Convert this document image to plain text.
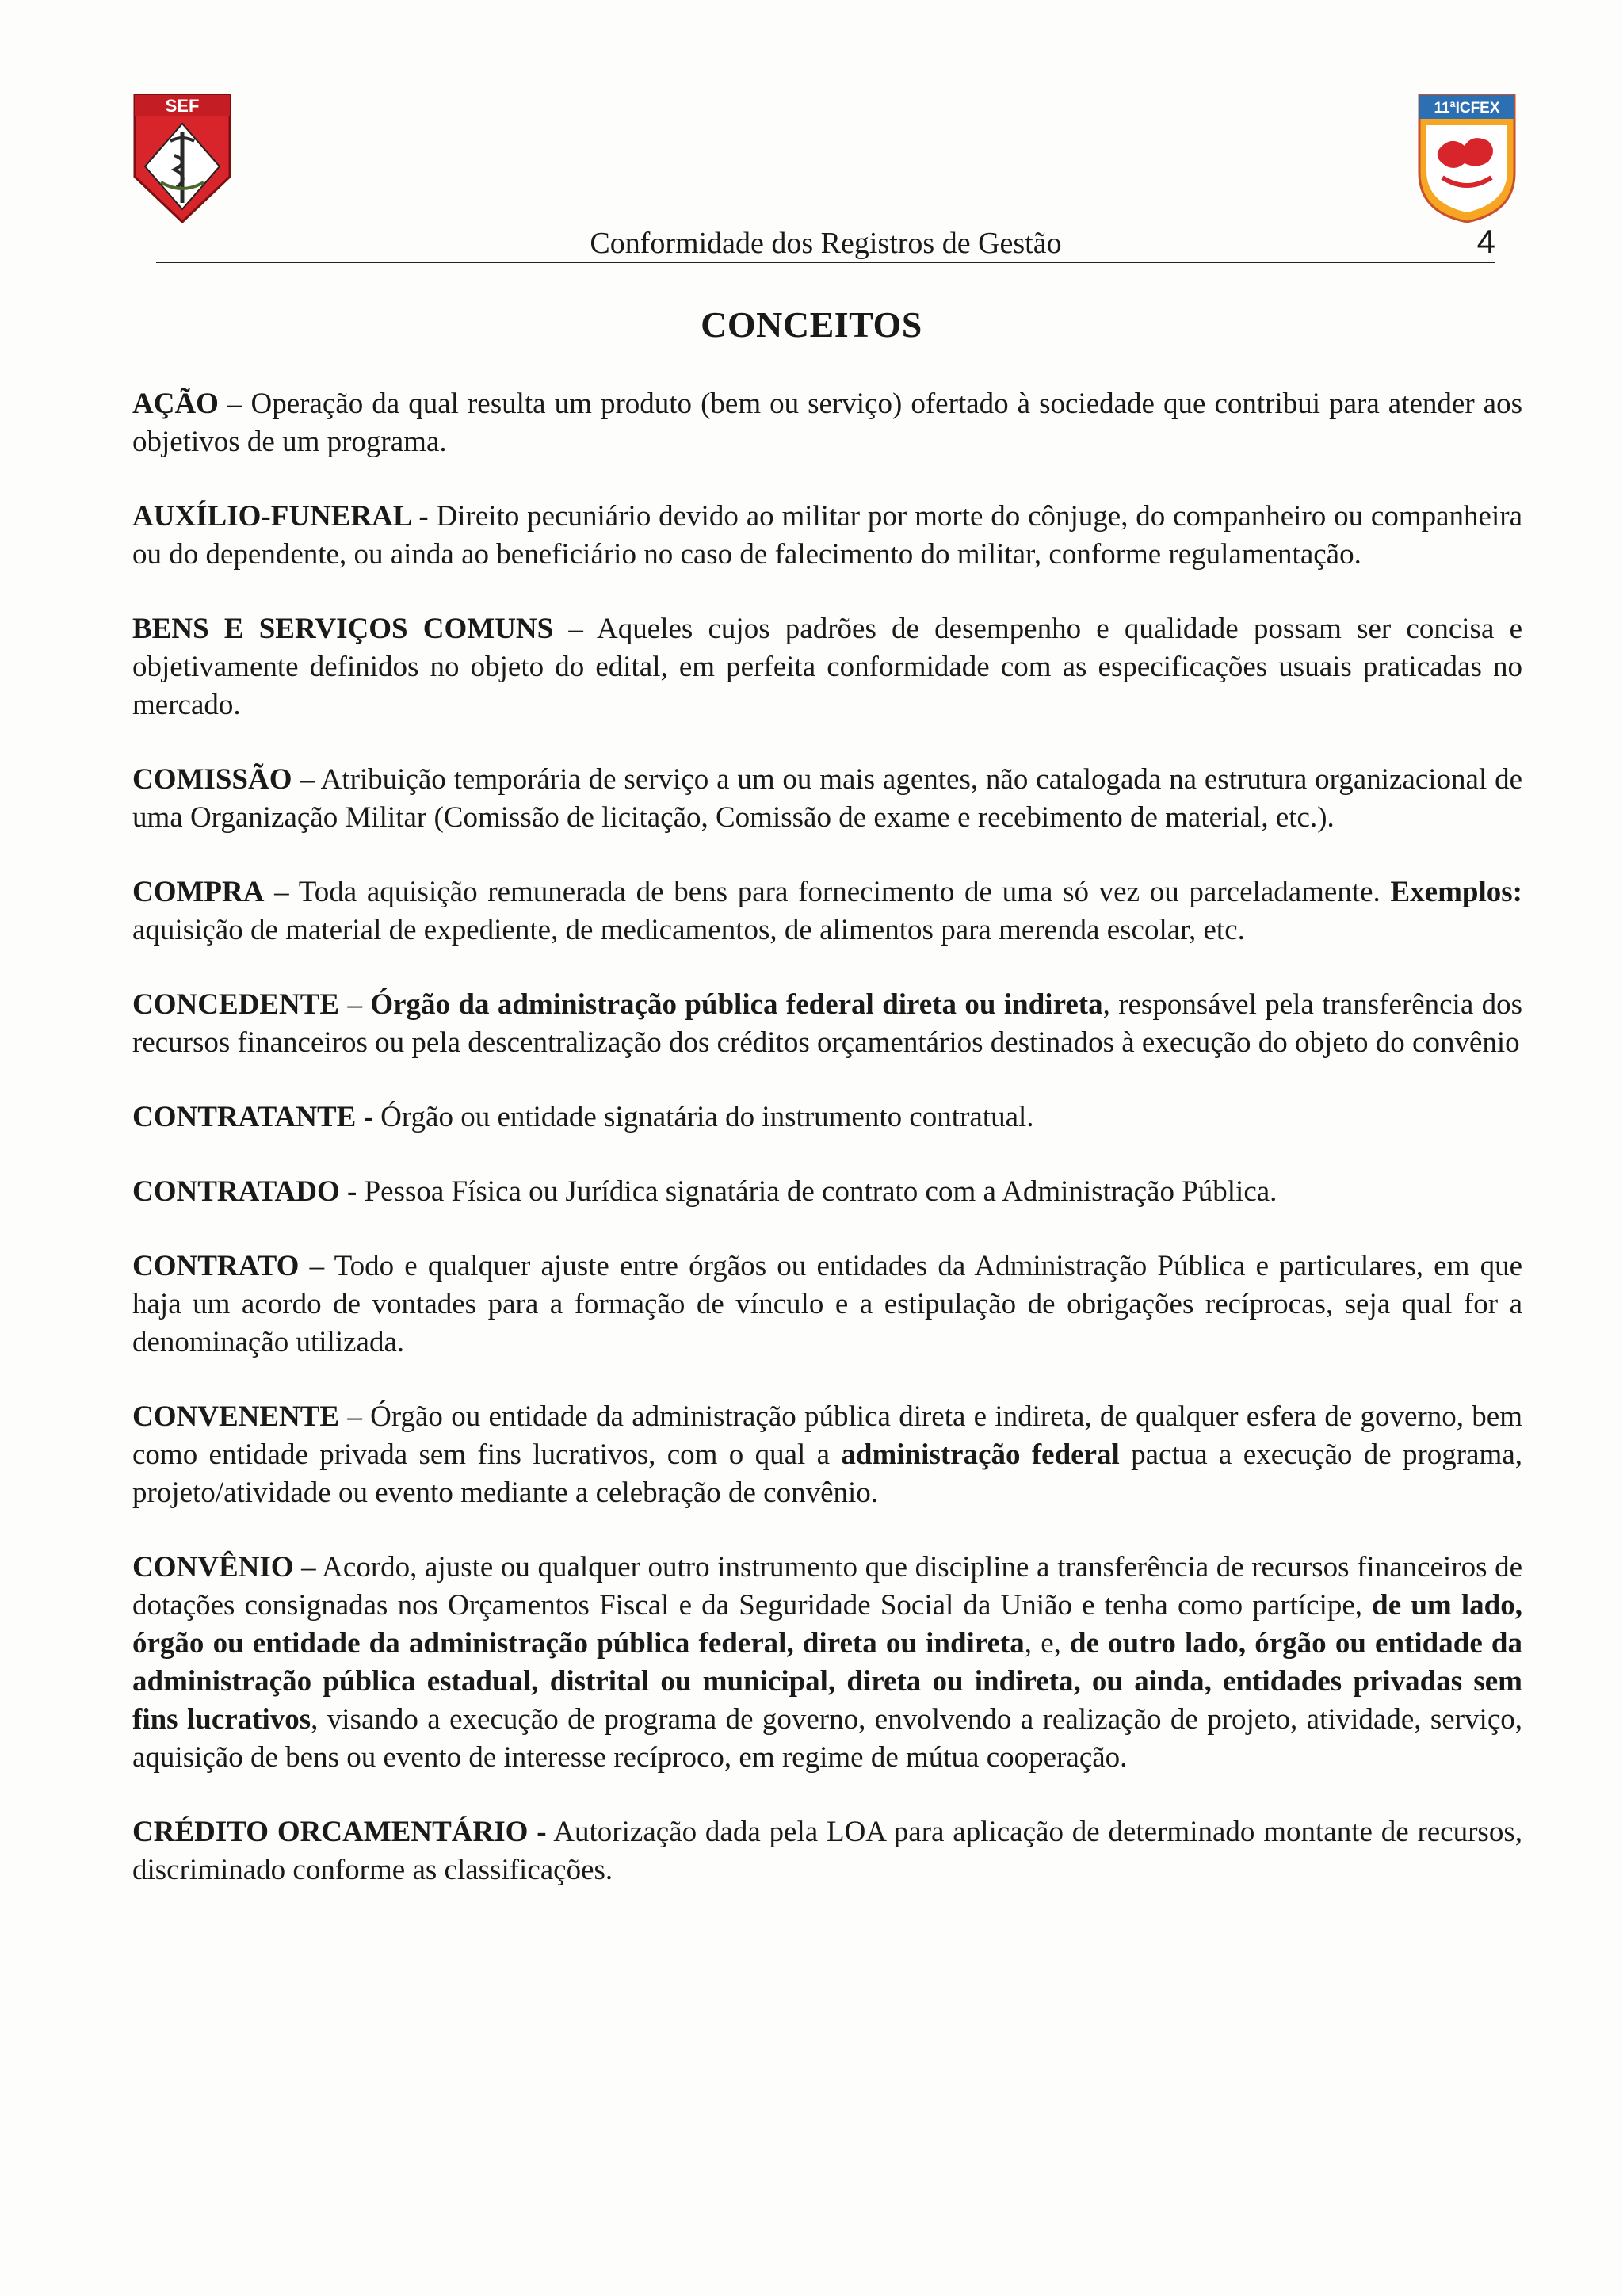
SEF	11ªICFEX
Conformidade dos Registros de Gestão	4
CONCEITOS

AÇÃO – Operação da qual resulta um produto (bem ou serviço) ofertado à sociedade que contribui para atender aos objetivos de um programa.

AUXÍLIO-FUNERAL - Direito pecuniário devido ao militar por morte do cônjuge, do companheiro ou companheira ou do dependente, ou ainda ao beneficiário no caso de falecimento do militar, conforme regulamentação.

BENS E SERVIÇOS COMUNS – Aqueles cujos padrões de desempenho e qualidade possam ser concisa e objetivamente definidos no objeto do edital, em perfeita conformidade com as especificações usuais praticadas no mercado.

COMISSÃO – Atribuição temporária de serviço a um ou mais agentes, não catalogada na estrutura organizacional de uma Organização Militar (Comissão de licitação, Comissão de exame e recebimento de material, etc.).

COMPRA – Toda aquisição remunerada de bens para fornecimento de uma só vez ou parceladamente. Exemplos: aquisição de material de expediente, de medicamentos, de alimentos para merenda escolar, etc.

CONCEDENTE – Órgão da administração pública federal direta ou indireta, responsável pela transferência dos recursos financeiros ou pela descentralização dos créditos orçamentários destinados à execução do objeto do convênio

CONTRATANTE - Órgão ou entidade signatária do instrumento contratual.

CONTRATADO - Pessoa Física ou Jurídica signatária de contrato com a Administração Pública.

CONTRATO – Todo e qualquer ajuste entre órgãos ou entidades da Administração Pública e particulares, em que haja um acordo de vontades para a formação de vínculo e a estipulação de obrigações recíprocas, seja qual for a denominação utilizada.

CONVENENTE – Órgão ou entidade da administração pública direta e indireta, de qualquer esfera de governo, bem como entidade privada sem fins lucrativos, com o qual a administração federal pactua a execução de programa, projeto/atividade ou evento mediante a celebração de convênio.

CONVÊNIO – Acordo, ajuste ou qualquer outro instrumento que discipline a transferência de recursos financeiros de dotações consignadas nos Orçamentos Fiscal e da Seguridade Social da União e tenha como partícipe, de um lado, órgão ou entidade da administração pública federal, direta ou indireta, e, de outro lado, órgão ou entidade da administração pública estadual, distrital ou municipal, direta ou indireta, ou ainda, entidades privadas sem fins lucrativos, visando a execução de programa de governo, envolvendo a realização de projeto, atividade, serviço, aquisição de bens ou evento de interesse recíproco, em regime de mútua cooperação.

CRÉDITO ORCAMENTÁRIO - Autorização dada pela LOA para aplicação de determinado montante de recursos, discriminado conforme as classificações.
